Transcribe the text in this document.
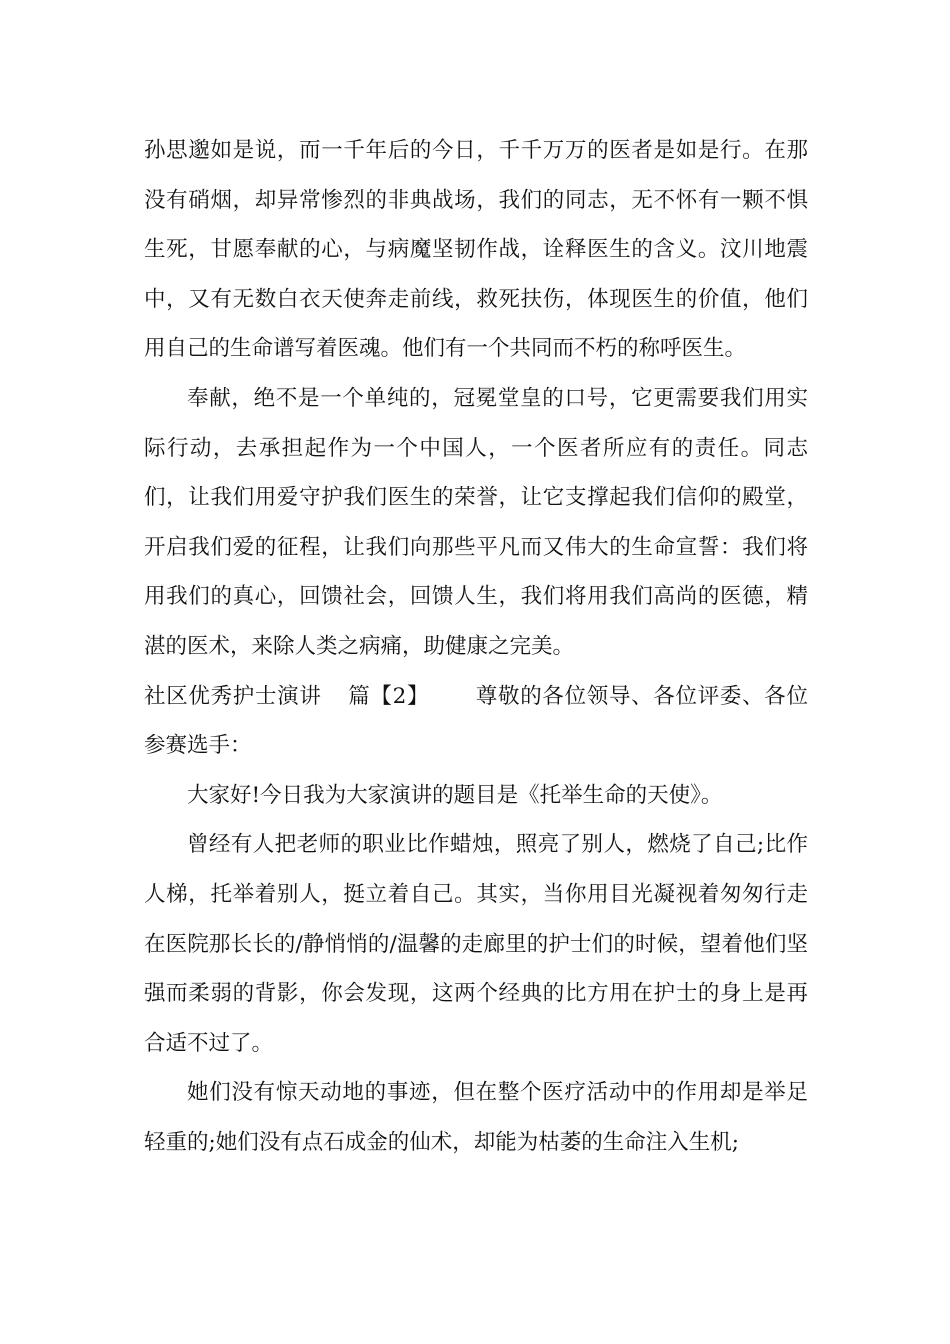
孙思邈如是说，而一千年后的今日，千千万万的医者是如是行。在那没有硝烟，却异常惨烈的非典战场，我们的同志，无不怀有一颗不惧生死，甘愿奉献的心，与病魔坚韧作战，诠释医生的含义。汶川地震中，又有无数白衣天使奔走前线，救死扶伤，体现医生的价值，他们用自己的生命谱写着医魂。他们有一个共同而不朽的称呼医生。

奉献，绝不是一个单纯的，冠冕堂皇的口号，它更需要我们用实际行动，去承担起作为一个中国人，一个医者所应有的责任。同志们，让我们用爱守护我们医生的荣誉，让它支撑起我们信仰的殿堂，开启我们爱的征程，让我们向那些平凡而又伟大的生命宣誓：我们将用我们的真心，回馈社会，回馈人生，我们将用我们高尚的医德，精湛的医术，来除人类之病痛，助健康之完美。

社区优秀护士演讲 篇【2】 尊敬的各位领导、各位评委、各位参赛选手：

大家好!今日我为大家演讲的题目是《托举生命的天使》。

曾经有人把老师的职业比作蜡烛，照亮了别人，燃烧了自己;比作人梯，托举着别人，挺立着自己。其实，当你用目光凝视着匆匆行走在医院那长长的/静悄悄的/温馨的走廊里的护士们的时候，望着他们坚强而柔弱的背影，你会发现，这两个经典的比方用在护士的身上是再合适不过了。

她们没有惊天动地的事迹，但在整个医疗活动中的作用却是举足轻重的;她们没有点石成金的仙术，却能为枯萎的生命注入生机;
